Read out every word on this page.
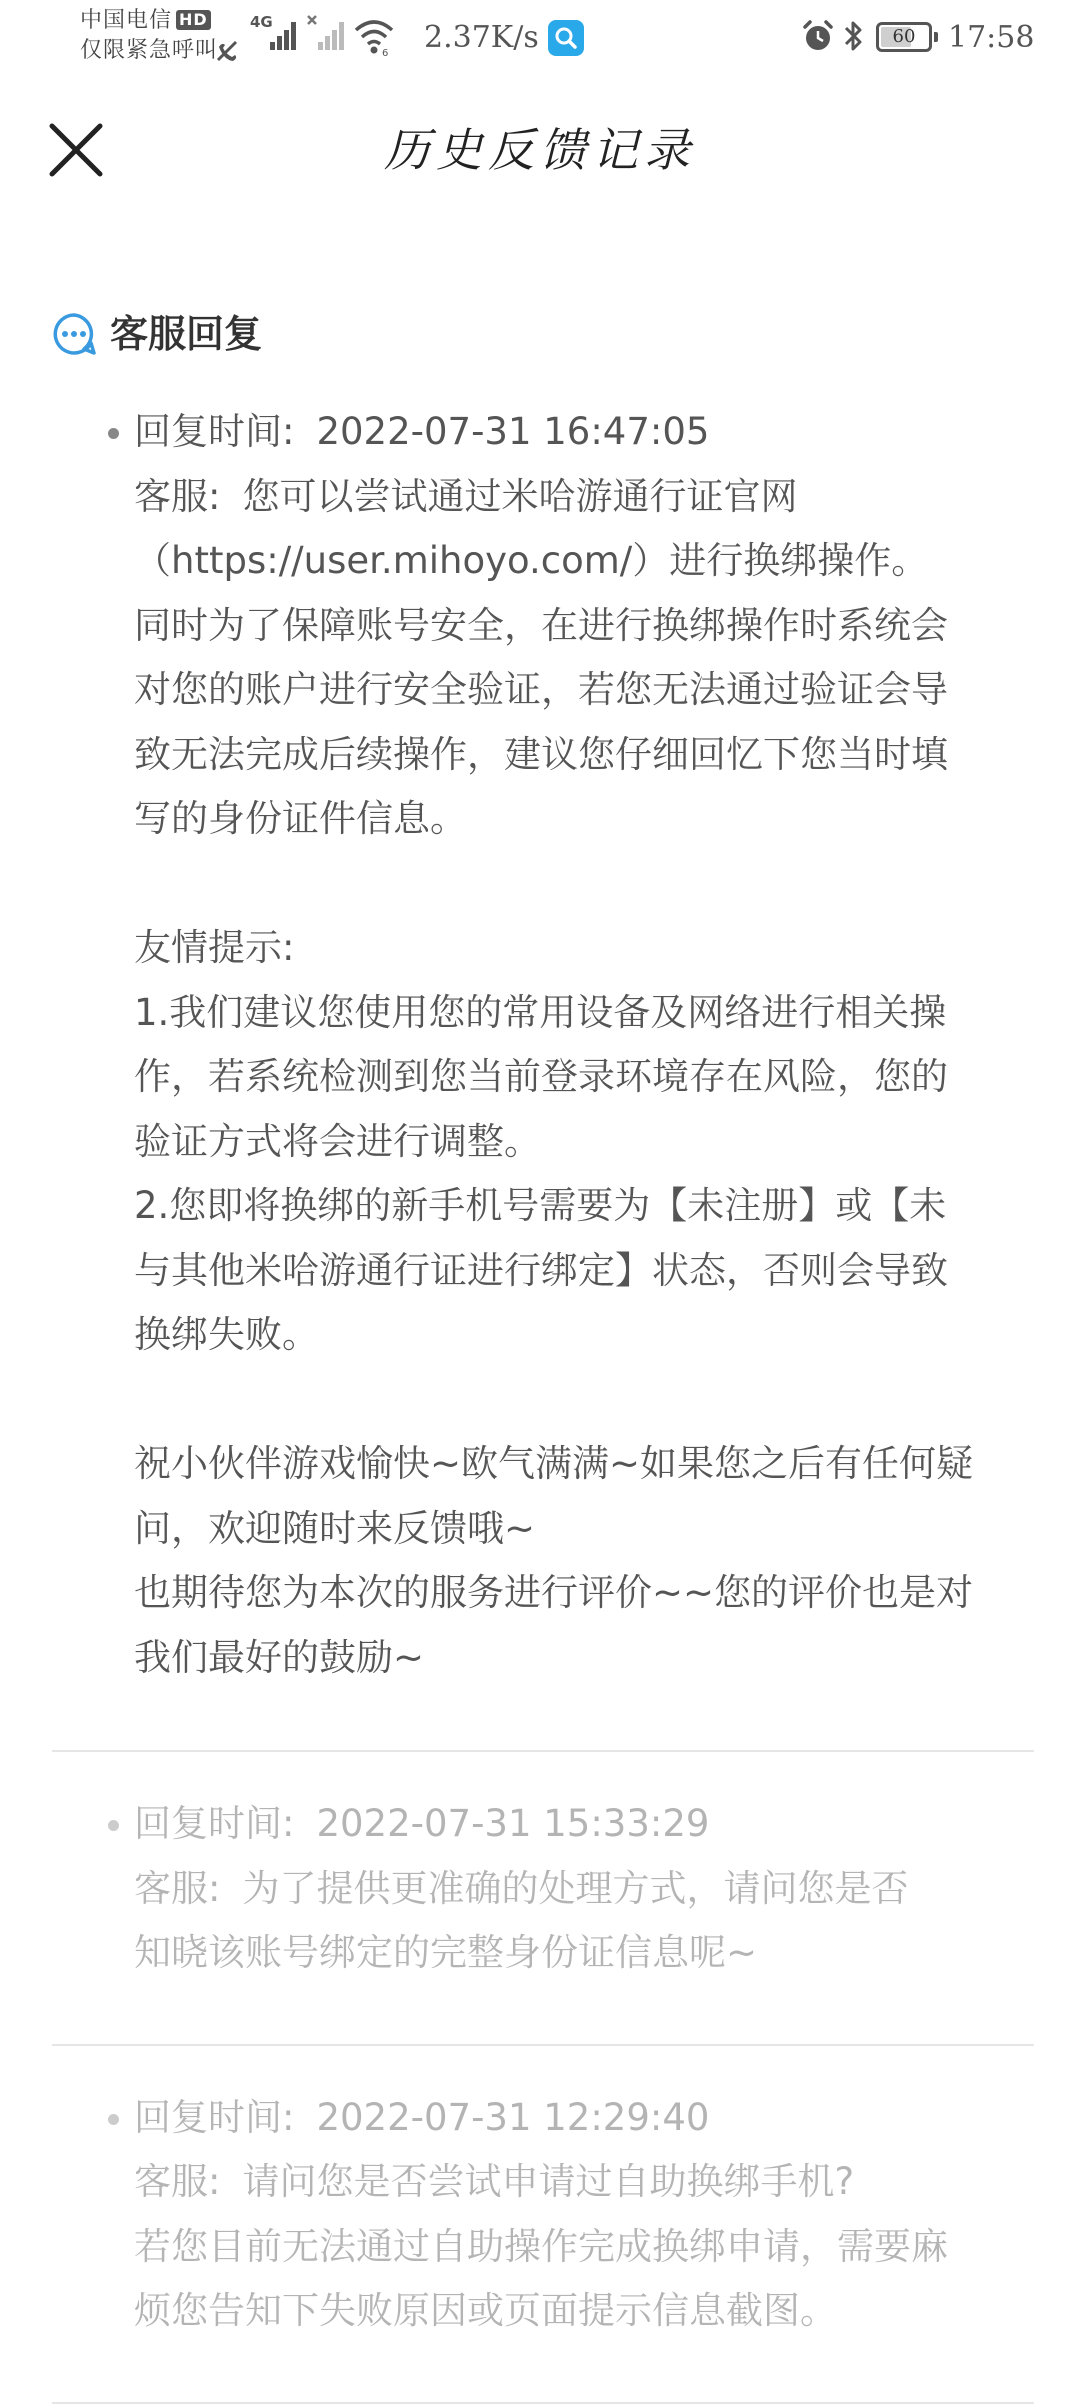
中国电信 HD
仅限紧急呼叫
4G
6 2.37K/s	60	17:58
历史反馈记录
客服回复
回复时间: 2022-07-31 16:47:05
客服: 您可以尝试通过米哈游通行证官网
（https://user.mihoyo.com/）进行换绑操作。
同时为了保障账号安全，在进行换绑操作时系统会
对您的账户进行安全验证，若您无法通过验证会导
致无法完成后续操作，建议您仔细回忆下您当时填
写的身份证件信息。
友情提示:
1.我们建议您使用您的常用设备及网络进行相关操
作，若系统检测到您当前登录环境存在风险，您的
验证方式将会进行调整。
2.您即将换绑的新手机号需要为【未注册】或【未
与其他米哈游通行证进行绑定】状态，否则会导致
换绑失败。
祝小伙伴游戏愉快~欧气满满~如果您之后有任何疑
问，欢迎随时来反馈哦~
也期待您为本次的服务进行评价~~您的评价也是对
我们最好的鼓励~
回复时间: 2022-07-31 15:33:29
客服: 为了提供更准确的处理方式，请问您是否
知晓该账号绑定的完整身份证信息呢~
回复时间: 2022-07-31 12:29:40
客服: 请问您是否尝试申请过自助换绑手机?
若您目前无法通过自助操作完成换绑申请，需要麻
烦您告知下失败原因或页面提示信息截图。
